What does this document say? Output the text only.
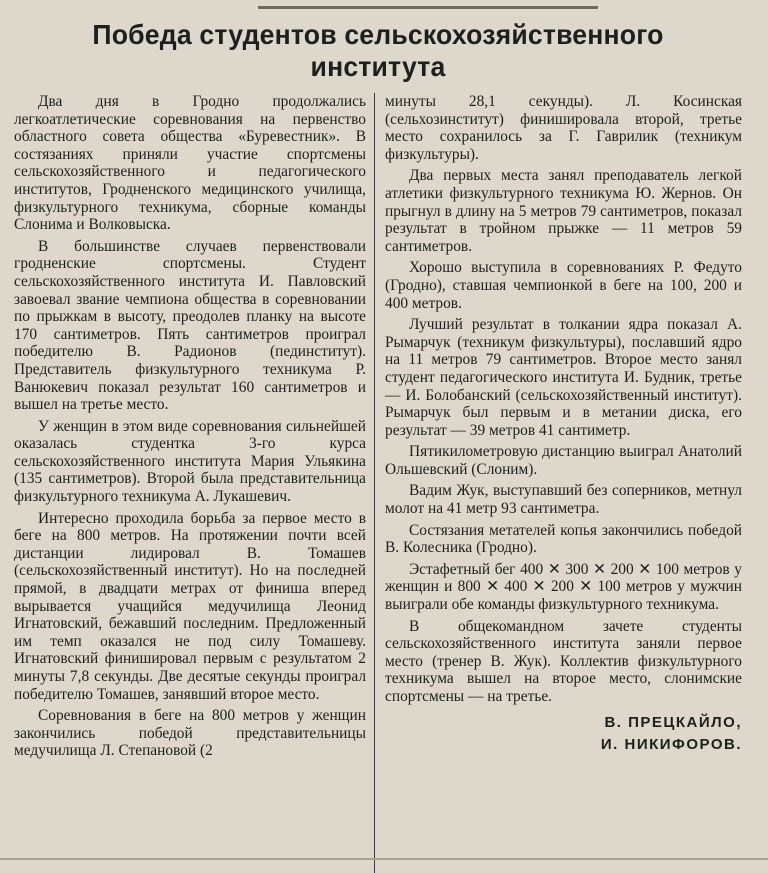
Победа студентов сельскохозяйственного института

Два дня в Гродно продолжались легкоатлетические соревнования на первенство областного совета общества «Буревестник». В состязаниях приняли участие спортсмены сельскохозяйственного и педагогического институтов, Гродненского медицинского училища, физкультурного техникума, сборные команды Слонима и Волковыска.

В большинстве случаев первенствовали гродненские спортсмены. Студент сельскохозяйственного института И. Павловский завоевал звание чемпиона общества в соревновании по прыжкам в высоту, преодолев планку на высоте 170 сантиметров. Пять сантиметров проиграл победителю В. Радионов (пединститут). Представитель физкультурного техникума Р. Ванюкевич показал результат 160 сантиметров и вышел на третье место.

У женщин в этом виде соревнования сильнейшей оказалась студентка 3-го курса сельскохозяйственного института Мария Ульякина (135 сантиметров). Второй была представительница физкультурного техникума А. Лукашевич.

Интересно проходила борьба за первое место в беге на 800 метров. На протяжении почти всей дистанции лидировал В. Томашев (сельскохозяйственный институт). Но на последней прямой, в двадцати метрах от финиша вперед вырывается учащийся медучилища Леонид Игнатовский, бежавший последним. Предложенный им темп оказался не под силу Томашеву. Игнатовский финишировал первым с результатом 2 минуты 7,8 секунды. Две десятые секунды проиграл победителю Томашев, занявший второе место.

Соревнования в беге на 800 метров у женщин закончились победой представительницы медучилища Л. Степановой (2

минуты 28,1 секунды). Л. Косинская (сельхозинститут) финишировала второй, третье место сохранилось за Г. Гаврилик (техникум физкультуры).

Два первых места занял преподаватель легкой атлетики физкультурного техникума Ю. Жернов. Он прыгнул в длину на 5 метров 79 сантиметров, показал результат в тройном прыжке — 11 метров 59 сантиметров.

Хорошо выступила в соревнованиях Р. Федуто (Гродно), ставшая чемпионкой в беге на 100, 200 и 400 метров.

Лучший результат в толкании ядра показал А. Рымарчук (техникум физкультуры), пославший ядро на 11 метров 79 сантиметров. Второе место занял студент педагогического института И. Будник, третье — И. Болобанский (сельскохозяйственный институт). Рымарчук был первым и в метании диска, его результат — 39 метров 41 сантиметр.

Пятикилометровую дистанцию выиграл Анатолий Ольшевский (Слоним).

Вадим Жук, выступавший без соперников, метнул молот на 41 метр 93 сантиметра.

Состязания метателей копья закончились победой В. Колесника (Гродно).

Эстафетный бег 400 ✕ 300 ✕ 200 ✕ 100 метров у женщин и 800 ✕ 400 ✕ 200 ✕ 100 метров у мужчин выиграли обе команды физкультурного техникума.

В общекомандном зачете студенты сельскохозяйственного института заняли первое место (тренер В. Жук). Коллектив физкультурного техникума вышел на второе место, слонимские спортсмены — на третье.

В. ПРЕЦКАЙЛО,
И. НИКИФОРОВ.
